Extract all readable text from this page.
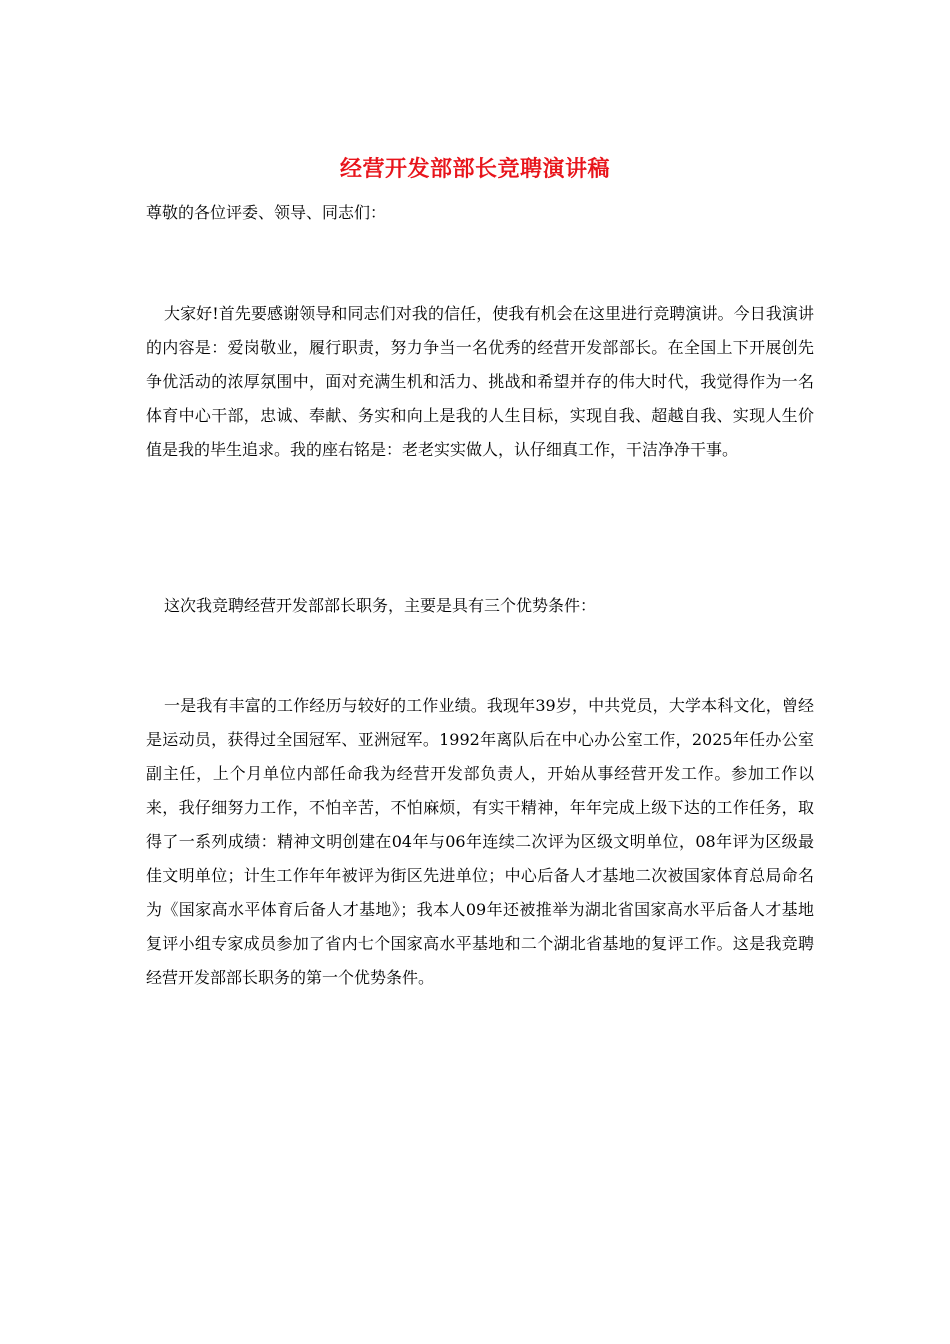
经营开发部部长竞聘演讲稿
尊敬的各位评委、领导、同志们：

大家好!首先要感谢领导和同志们对我的信任，使我有机会在这里进行竞聘演讲。今日我演讲的内容是：爱岗敬业，履行职责，努力争当一名优秀的经营开发部部长。在全国上下开展创先争优活动的浓厚氛围中，面对充满生机和活力、挑战和希望并存的伟大时代，我觉得作为一名体育中心干部，忠诚、奉献、务实和向上是我的人生目标，实现自我、超越自我、实现人生价值是我的毕生追求。我的座右铭是：老老实实做人，认仔细真工作，干洁净净干事。

这次我竞聘经营开发部部长职务，主要是具有三个优势条件：

一是我有丰富的工作经历与较好的工作业绩。我现年39岁，中共党员，大学本科文化，曾经是运动员，获得过全国冠军、亚洲冠军。1992年离队后在中心办公室工作，2025年任办公室副主任，上个月单位内部任命我为经营开发部负责人，开始从事经营开发工作。参加工作以来，我仔细努力工作，不怕辛苦，不怕麻烦，有实干精神，年年完成上级下达的工作任务，取得了一系列成绩：精神文明创建在04年与06年连续二次评为区级文明单位，08年评为区级最佳文明单位；计生工作年年被评为街区先进单位；中心后备人才基地二次被国家体育总局命名为《国家高水平体育后备人才基地》；我本人09年还被推举为湖北省国家高水平后备人才基地复评小组专家成员参加了省内七个国家高水平基地和二个湖北省基地的复评工作。这是我竞聘经营开发部部长职务的第一个优势条件。
